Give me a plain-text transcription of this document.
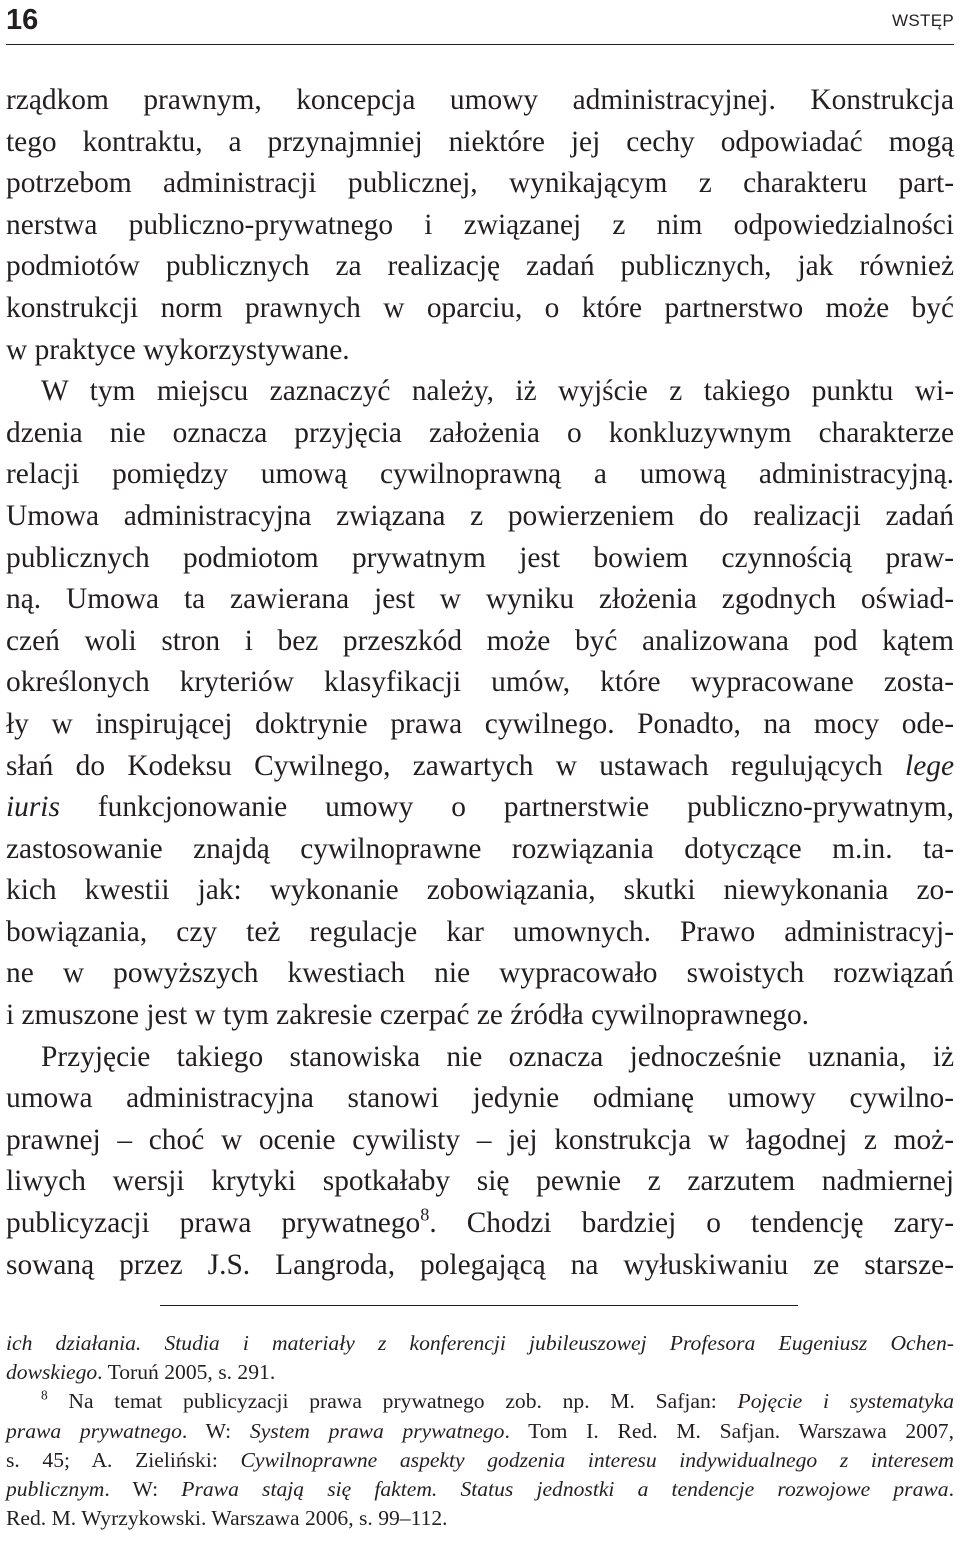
16	WSTĘP
rządkom prawnym, koncepcja umowy administracyjnej. Konstrukcja
tego kontraktu, a przynajmniej niektóre jej cechy odpowiadać mogą
potrzebom administracji publicznej, wynikającym z charakteru part-
nerstwa publiczno-prywatnego i związanej z nim odpowiedzialności
podmiotów publicznych za realizację zadań publicznych, jak również
konstrukcji norm prawnych w oparciu, o które partnerstwo może być
w praktyce wykorzystywane.
W tym miejscu zaznaczyć należy, iż wyjście z takiego punktu wi-
dzenia nie oznacza przyjęcia założenia o konkluzywnym charakterze
relacji pomiędzy umową cywilnoprawną a umową administracyjną.
Umowa administracyjna związana z powierzeniem do realizacji zadań
publicznych podmiotom prywatnym jest bowiem czynnością praw-
ną. Umowa ta zawierana jest w wyniku złożenia zgodnych oświad-
czeń woli stron i bez przeszkód może być analizowana pod kątem
określonych kryteriów klasyfikacji umów, które wypracowane zosta-
ły w inspirującej doktrynie prawa cywilnego. Ponadto, na mocy ode-
słań do Kodeksu Cywilnego, zawartych w ustawach regulujących lege
iuris funkcjonowanie umowy o partnerstwie publiczno-prywatnym,
zastosowanie znajdą cywilnoprawne rozwiązania dotyczące m.in. ta-
kich kwestii jak: wykonanie zobowiązania, skutki niewykonania zo-
bowiązania, czy też regulacje kar umownych. Prawo administracyj-
ne w powyższych kwestiach nie wypracowało swoistych rozwiązań
i zmuszone jest w tym zakresie czerpać ze źródła cywilnoprawnego.
Przyjęcie takiego stanowiska nie oznacza jednocześnie uznania, iż
umowa administracyjna stanowi jedynie odmianę umowy cywilno-
prawnej – choć w ocenie cywilisty – jej konstrukcja w łagodnej z moż-
liwych wersji krytyki spotkałaby się pewnie z zarzutem nadmiernej
publicyzacji prawa prywatnego$^8$. Chodzi bardziej o tendencję zary-
sowaną przez J.S. Langroda, polegającą na wyłuskiwaniu ze starsze-
ich działania. Studia i materiały z konferencji jubileuszowej Profesora Eugeniusz Ochen-
dowskiego. Toruń 2005, s. 291.
$^8$ Na temat publicyzacji prawa prywatnego zob. np. M. Safjan: Pojęcie i systematyka
prawa prywatnego. W: System prawa prywatnego. Tom I. Red. M. Safjan. Warszawa 2007,
s. 45; A. Zieliński: Cywilnoprawne aspekty godzenia interesu indywidualnego z interesem
publicznym. W: Prawa stają się faktem. Status jednostki a tendencje rozwojowe prawa.
Red. M. Wyrzykowski. Warszawa 2006, s. 99–112.
